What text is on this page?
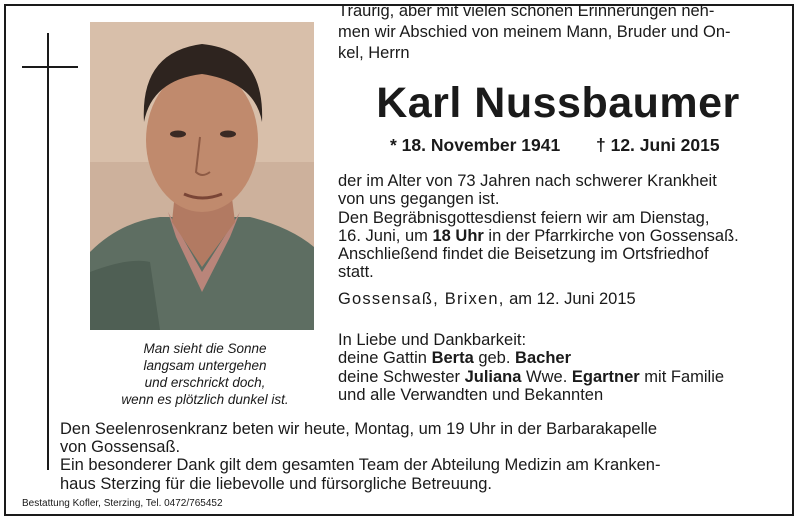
Man sieht die Sonne
langsam untergehen
und erschrickt doch,
wenn es plötzlich dunkel ist.
Traurig, aber mit vielen schönen Erinnerungen neh-
men wir Abschied von meinem Mann, Bruder und On-
kel, Herrn
Karl Nussbaumer
* 18. November 1941 † 12. Juni 2015
der im Alter von 73 Jahren nach schwerer Krankheit
von uns gegangen ist.
Den Begräbnisgottesdienst feiern wir am Dienstag,
16. Juni, um 18 Uhr in der Pfarrkirche von Gossensaß.
Anschließend findet die Beisetzung im Ortsfriedhof
statt.
Gossensaß, Brixen, am 12. Juni 2015
In Liebe und Dankbarkeit:
deine Gattin Berta geb. Bacher
deine Schwester Juliana Wwe. Egartner mit Familie
und alle Verwandten und Bekannten
Den Seelenrosenkranz beten wir heute, Montag, um 19 Uhr in der Barbarakapelle
von Gossensaß.
Ein besonderer Dank gilt dem gesamten Team der Abteilung Medizin am Kranken-
haus Sterzing für die liebevolle und fürsorgliche Betreuung.
Bestattung Kofler, Sterzing, Tel. 0472/765452
